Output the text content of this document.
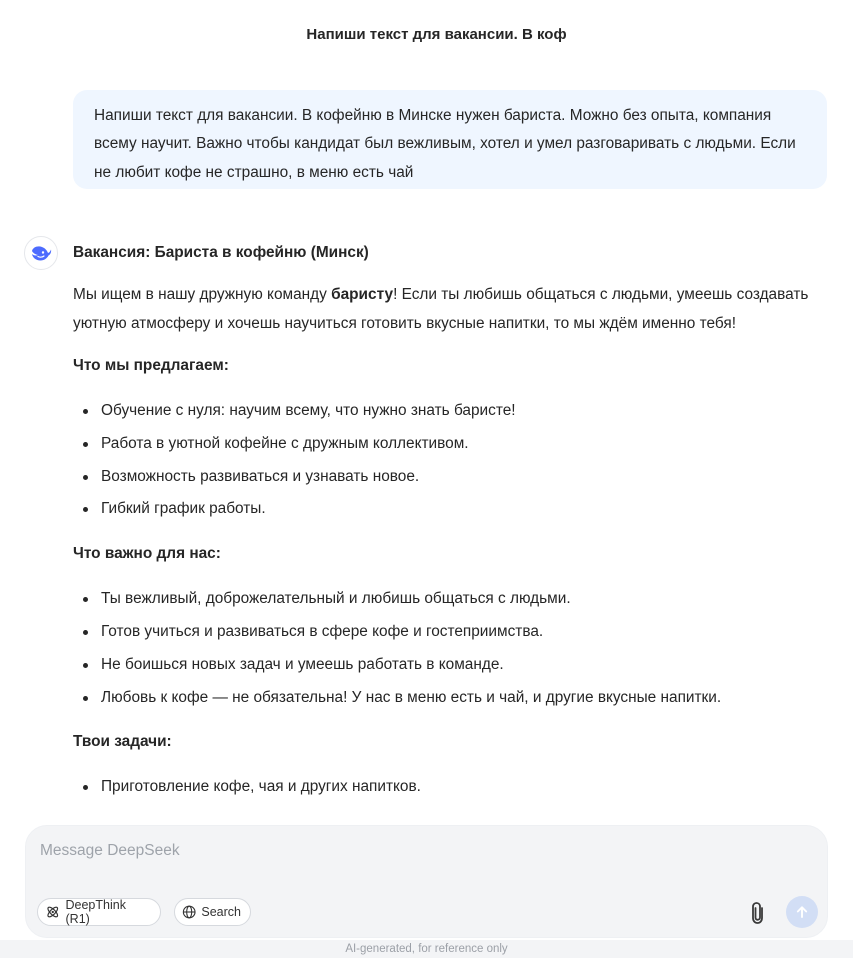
Напиши текст для вакансии. В коф
Напиши текст для вакансии. В кофейню в Минске нужен бариста. Можно без опыта, компания всему научит. Важно чтобы кандидат был вежливым, хотел и умел разговаривать с людьми. Если не любит кофе не страшно, в меню есть чай
Вакансия: Бариста в кофейню (Минск)

Мы ищем в нашу дружную команду баристу! Если ты любишь общаться с людьми, умеешь создавать уютную атмосферу и хочешь научиться готовить вкусные напитки, то мы ждём именно тебя!

Что мы предлагаем:
Обучение с нуля: научим всему, что нужно знать баристе!
Работа в уютной кофейне с дружным коллективом.
Возможность развиваться и узнавать новое.
Гибкий график работы.
Что важно для нас:
Ты вежливый, доброжелательный и любишь общаться с людьми.
Готов учиться и развиваться в сфере кофе и гостеприимства.
Не боишься новых задач и умеешь работать в команде.
Любовь к кофе — не обязательна! У нас в меню есть и чай, и другие вкусные напитки.
Твои задачи:
Приготовление кофе, чая и других напитков.
Message DeepSeek
DeepThink (R1)	Search
AI-generated, for reference only
